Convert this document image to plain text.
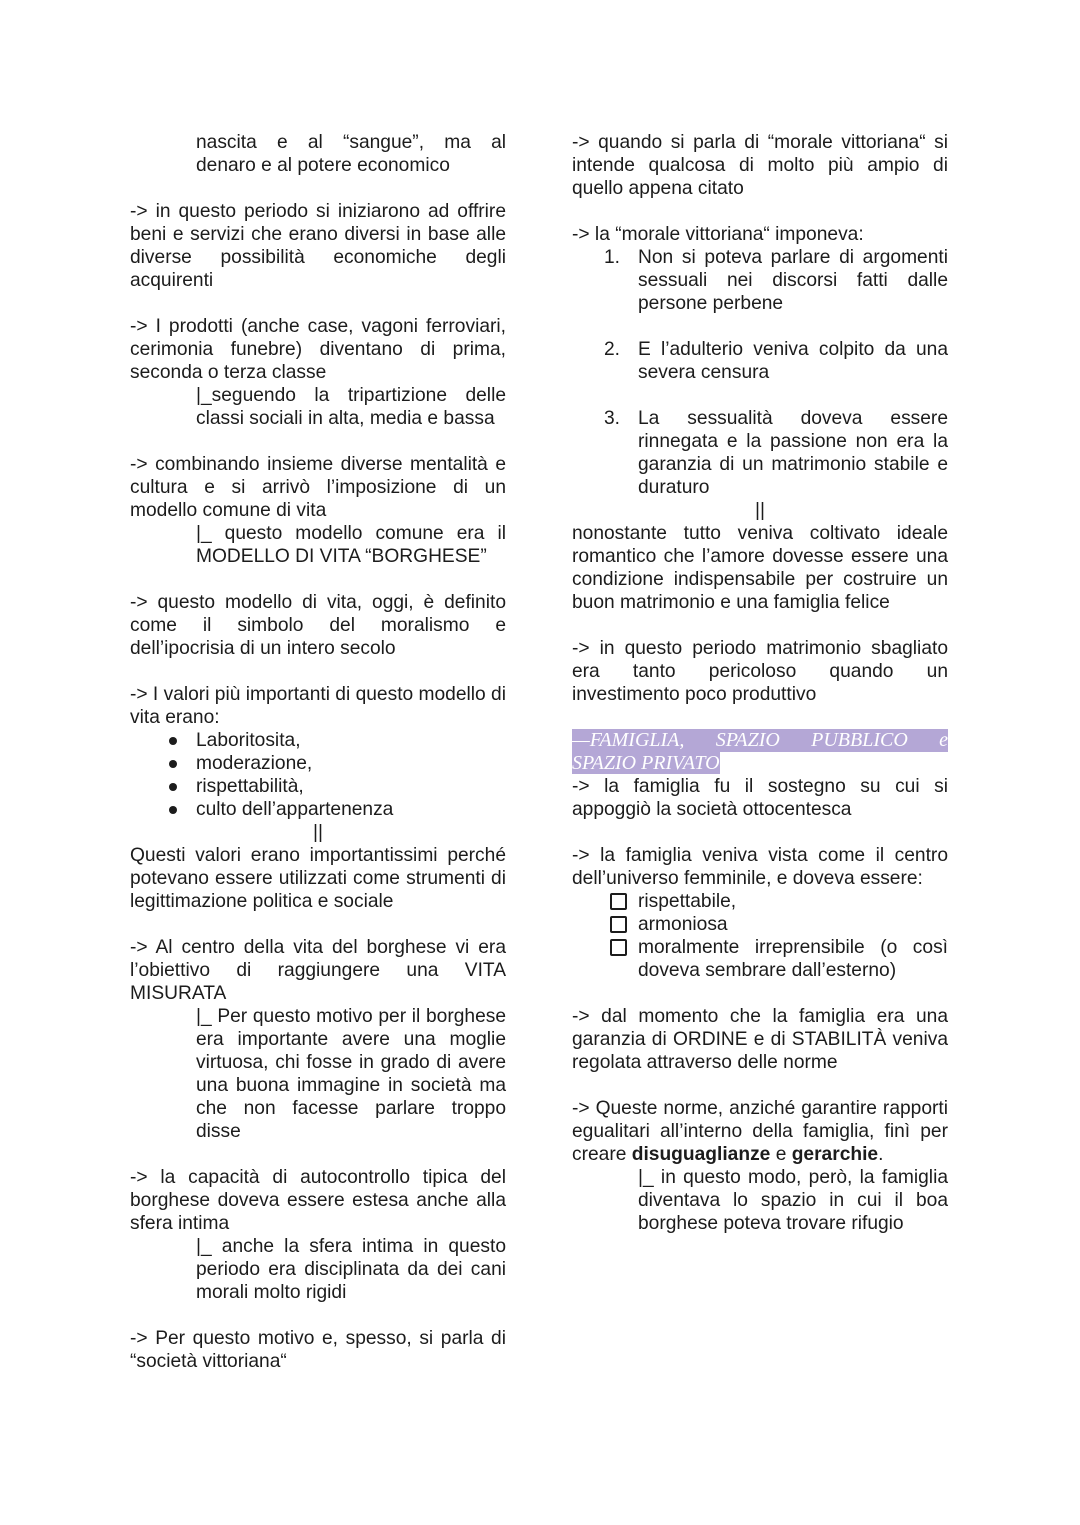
nascita e al “sangue”, ma al

denaro e al potere economico

-> in questo periodo si iniziarono ad offrire beni e servizi che erano diversi in base alle diverse possibilità economiche degli acquirenti

-> I prodotti (anche case, vagoni ferroviari, cerimonia funebre) diventano di prima, seconda o terza classe

|_seguendo la tripartizione delle classi sociali in alta, media e bassa

-> combinando insieme diverse mentalità e cultura e si arrivò l’imposizione di un modello comune di vita

|_ questo modello comune era il MODELLO DI VITA “BORGHESE”

-> questo modello di vita, oggi, è definito come il simbolo del moralismo e dell’ipocrisia di un intero secolo

-> I valori più importanti di questo modello di vita erano:

Laboritosita,
moderazione,
rispettabilità,
culto dell’appartenenza

||

Questi valori erano importantissimi perché potevano essere utilizzati come strumenti di legittimazione politica e sociale

-> Al centro della vita del borghese vi era l’obiettivo di raggiungere una VITA MISURATA

|_ Per questo motivo per il borghese era importante avere una moglie virtuosa, chi fosse in grado di avere una buona immagine in società ma che non facesse parlare troppo disse

-> la capacità di autocontrollo tipica del borghese doveva essere estesa anche alla sfera intima

|_ anche la sfera intima in questo periodo era disciplinata da dei cani morali molto rigidi

-> Per questo motivo e, spesso, si parla di “società vittoriana“

-> quando si parla di “morale vittoriana“ si intende qualcosa di molto più ampio di quello appena citato

-> la “morale vittoriana“ imponeva:

1. Non si poteva parlare di argomenti sessuali nei discorsi fatti dalle persone perbene

2. E l’adulterio veniva colpito da una severa censura

3. La sessualità doveva essere rinnegata e la passione non era la garanzia di un matrimonio stabile e duraturo

||

nonostante tutto veniva coltivato ideale romantico che l’amore dovesse essere una condizione indispensabile per costruire un buon matrimonio e una famiglia felice

-> in questo periodo matrimonio sbagliato era tanto pericoloso quando un investimento poco produttivo

—FAMIGLIA, SPAZIO PUBBLICO e
SPAZIO PRIVATO

-> la famiglia fu il sostegno su cui si appoggiò la società ottocentesca

-> la famiglia veniva vista come il centro dell’universo femminile, e doveva essere:

rispettabile,
armoniosa
moralmente irreprensibile (o così doveva sembrare dall’esterno)

-> dal momento che la famiglia era una garanzia di ORDINE e di STABILITÀ veniva regolata attraverso delle norme

-> Queste norme, anziché garantire rapporti egualitari all’interno della famiglia, finì per creare disuguaglianze e gerarchie.

|_ in questo modo, però, la famiglia diventava lo spazio in cui il boa borghese poteva trovare rifugio
